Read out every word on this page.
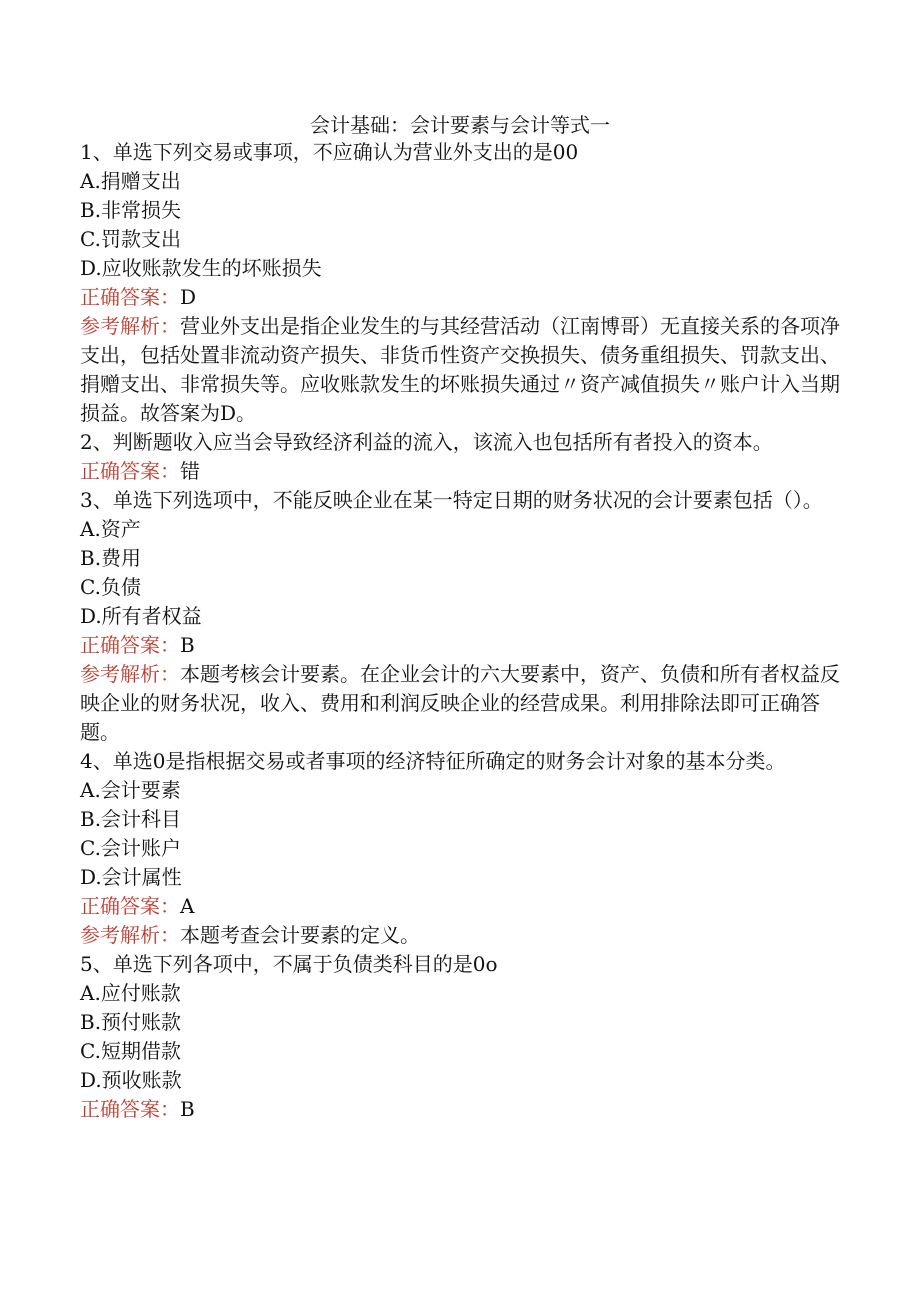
会计基础：会计要素与会计等式一

1、单选下列交易或事项，不应确认为营业外支出的是00

A.捐赠支出

B.非常损失

C.罚款支出

D.应收账款发生的坏账损失

正确答案：D

参考解析：营业外支出是指企业发生的与其经营活动（江南博哥）无直接关系的各项净支出，包括处置非流动资产损失、非货币性资产交换损失、债务重组损失、罚款支出、捐赠支出、非常损失等。应收账款发生的坏账损失通过〃资产减值损失〃账户计入当期损益。故答案为D。

2、判断题收入应当会导致经济利益的流入，该流入也包括所有者投入的资本。

正确答案：错

3、单选下列选项中，不能反映企业在某一特定日期的财务状况的会计要素包括（）。

A.资产

B.费用

C.负债

D.所有者权益

正确答案：B

参考解析：本题考核会计要素。在企业会计的六大要素中，资产、负债和所有者权益反映企业的财务状况，收入、费用和利润反映企业的经营成果。利用排除法即可正确答题。

4、单选0是指根据交易或者事项的经济特征所确定的财务会计对象的基本分类。

A.会计要素

B.会计科目

C.会计账户

D.会计属性

正确答案：A

参考解析：本题考查会计要素的定义。

5、单选下列各项中，不属于负债类科目的是0o

A.应付账款

B.预付账款

C.短期借款

D.预收账款

正确答案：B
